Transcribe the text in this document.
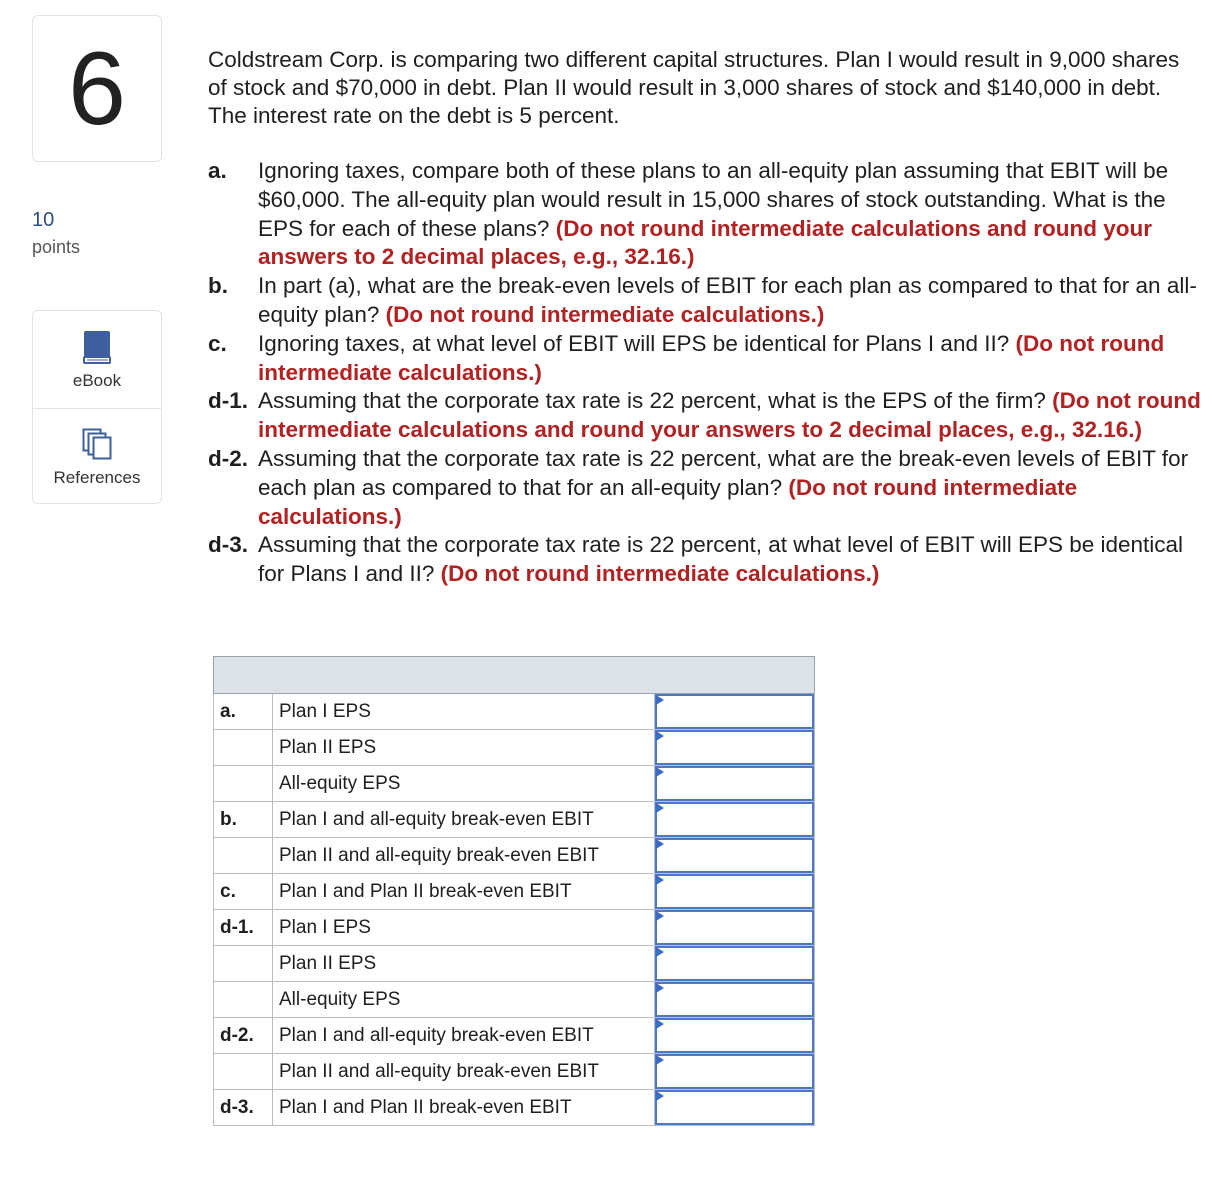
6
10
points
eBook
References

Coldstream Corp. is comparing two different capital structures. Plan I would result in 9,000 shares of stock and $70,000 in debt. Plan II would result in 3,000 shares of stock and $140,000 in debt. The interest rate on the debt is 5 percent.

a.	Ignoring taxes, compare both of these plans to an all-equity plan assuming that EBIT will be $60,000. The all-equity plan would result in 15,000 shares of stock outstanding. What is the EPS for each of these plans? (Do not round intermediate calculations and round your answers to 2 decimal places, e.g., 32.16.)
b.	In part (a), what are the break-even levels of EBIT for each plan as compared to that for an all-equity plan? (Do not round intermediate calculations.)
c.	Ignoring taxes, at what level of EBIT will EPS be identical for Plans I and II? (Do not round intermediate calculations.)
d-1. Assuming that the corporate tax rate is 22 percent, what is the EPS of the firm? (Do not round intermediate calculations and round your answers to 2 decimal places, e.g., 32.16.)
d-2. Assuming that the corporate tax rate is 22 percent, what are the break-even levels of EBIT for each plan as compared to that for an all-equity plan? (Do not round intermediate calculations.)
d-3. Assuming that the corporate tax rate is 22 percent, at what level of EBIT will EPS be identical for Plans I and II? (Do not round intermediate calculations.)

a.	Plan I EPS	

	Plan II EPS	

	All-equity EPS	

b.	Plan I and all-equity break-even EBIT	

	Plan II and all-equity break-even EBIT	

c.	Plan I and Plan II break-even EBIT	

d-1.	Plan I EPS	

	Plan II EPS	

	All-equity EPS	

d-2.	Plan I and all-equity break-even EBIT	

	Plan II and all-equity break-even EBIT	

d-3.	Plan I and Plan II break-even EBIT	
